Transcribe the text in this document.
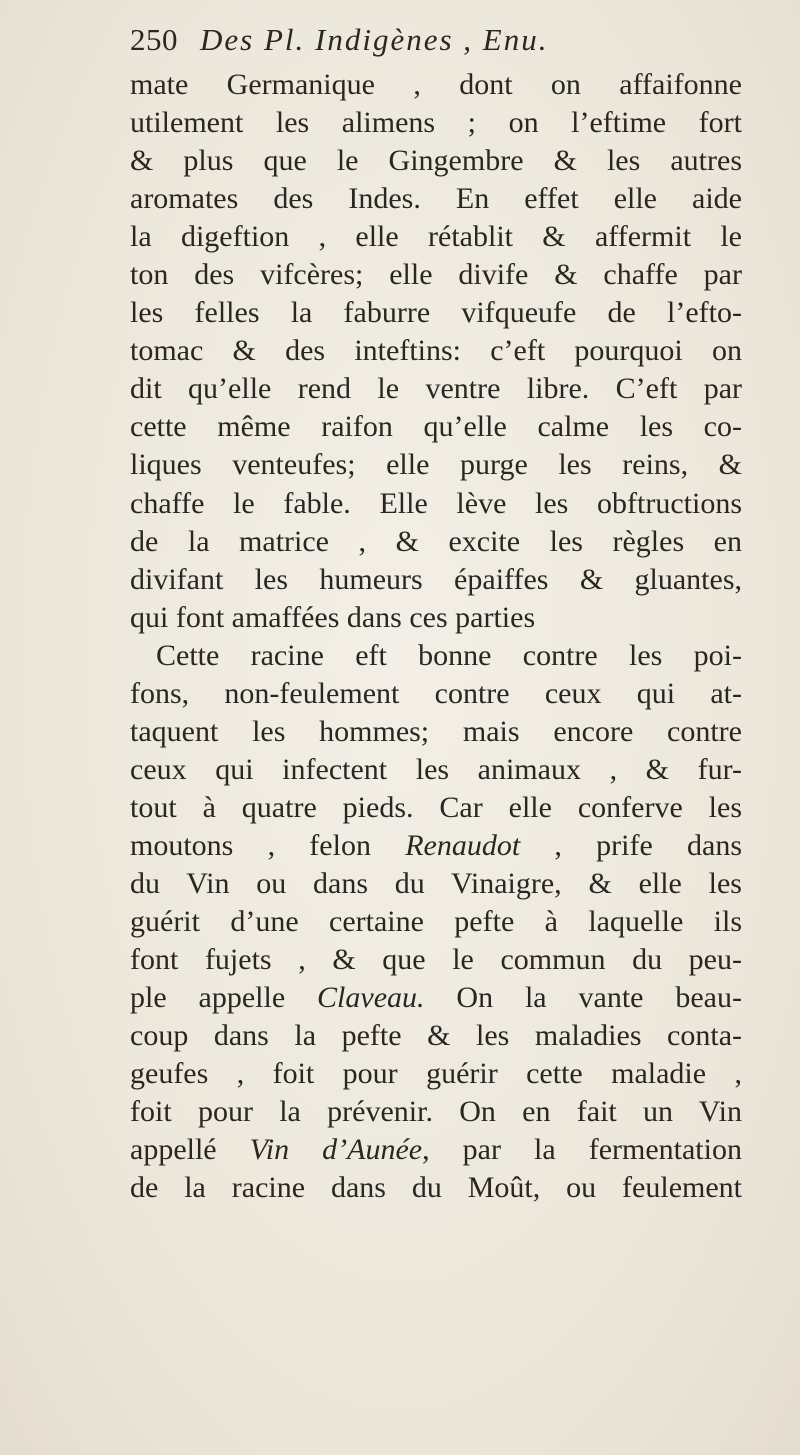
250 Des Pl. Indigènes , Enu.
mate Germanique , dont on affaifonne
utilement les alimens ; on l’eftime fort
& plus que le Gingembre & les autres
aromates des Indes. En effet elle aide
la digeftion , elle rétablit & affermit le
ton des vifcères; elle divife & chaffe par
les felles la faburre vifqueufe de l’efto-
tomac & des inteftins: c’eft pourquoi on
dit qu’elle rend le ventre libre. C’eft par
cette même raifon qu’elle calme les co-
liques venteufes; elle purge les reins, &
chaffe le fable. Elle lève les obftructions
de la matrice , & excite les règles en
divifant les humeurs épaiffes & gluantes,
qui font amaffées dans ces parties
Cette racine eft bonne contre les poi-
fons, non-feulement contre ceux qui at-
taquent les hommes; mais encore contre
ceux qui infectent les animaux , & fur-
tout à quatre pieds. Car elle conferve les
moutons , felon Renaudot , prife dans
du Vin ou dans du Vinaigre, & elle les
guérit d’une certaine pefte à laquelle ils
font fujets , & que le commun du peu-
ple appelle Claveau. On la vante beau-
coup dans la pefte & les maladies conta-
geufes , foit pour guérir cette maladie ,
foit pour la prévenir. On en fait un Vin
appellé Vin d’Aunée, par la fermentation
de la racine dans du Moût, ou feulement
